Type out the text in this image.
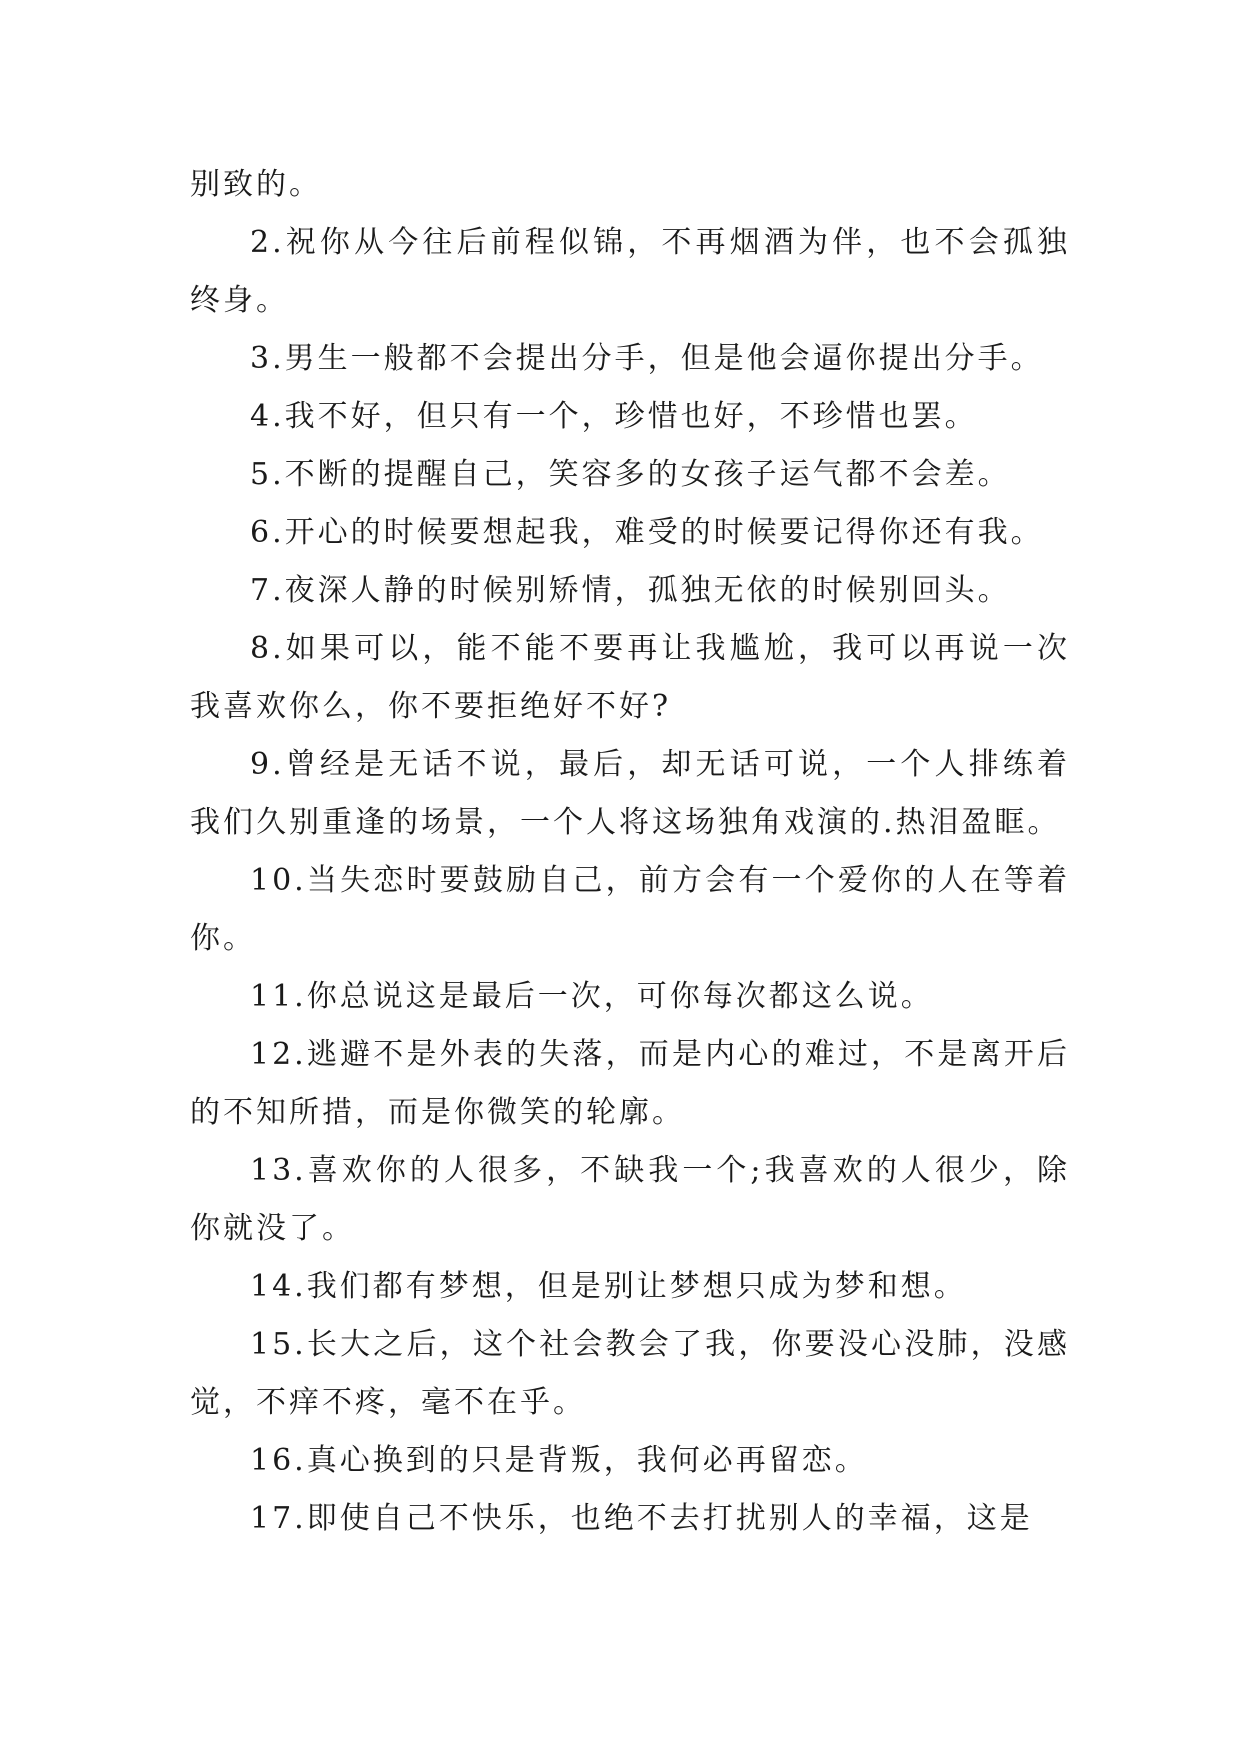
别致的。

2.祝你从今往后前程似锦，不再烟酒为伴，也不会孤独终身。

3.男生一般都不会提出分手，但是他会逼你提出分手。

4.我不好，但只有一个，珍惜也好，不珍惜也罢。

5.不断的提醒自己，笑容多的女孩子运气都不会差。

6.开心的时候要想起我，难受的时候要记得你还有我。

7.夜深人静的时候别矫情，孤独无依的时候别回头。

8.如果可以，能不能不要再让我尴尬，我可以再说一次我喜欢你么，你不要拒绝好不好?

9.曾经是无话不说，最后，却无话可说，一个人排练着我们久别重逢的场景，一个人将这场独角戏演的.热泪盈眶。

10.当失恋时要鼓励自己，前方会有一个爱你的人在等着你。

11.你总说这是最后一次，可你每次都这么说。

12.逃避不是外表的失落，而是内心的难过，不是离开后的不知所措，而是你微笑的轮廓。

13.喜欢你的人很多，不缺我一个;我喜欢的人很少，除你就没了。

14.我们都有梦想，但是别让梦想只成为梦和想。

15.长大之后，这个社会教会了我，你要没心没肺，没感觉，不痒不疼，毫不在乎。

16.真心换到的只是背叛，我何必再留恋。

17.即使自己不快乐，也绝不去打扰别人的幸福，这是
